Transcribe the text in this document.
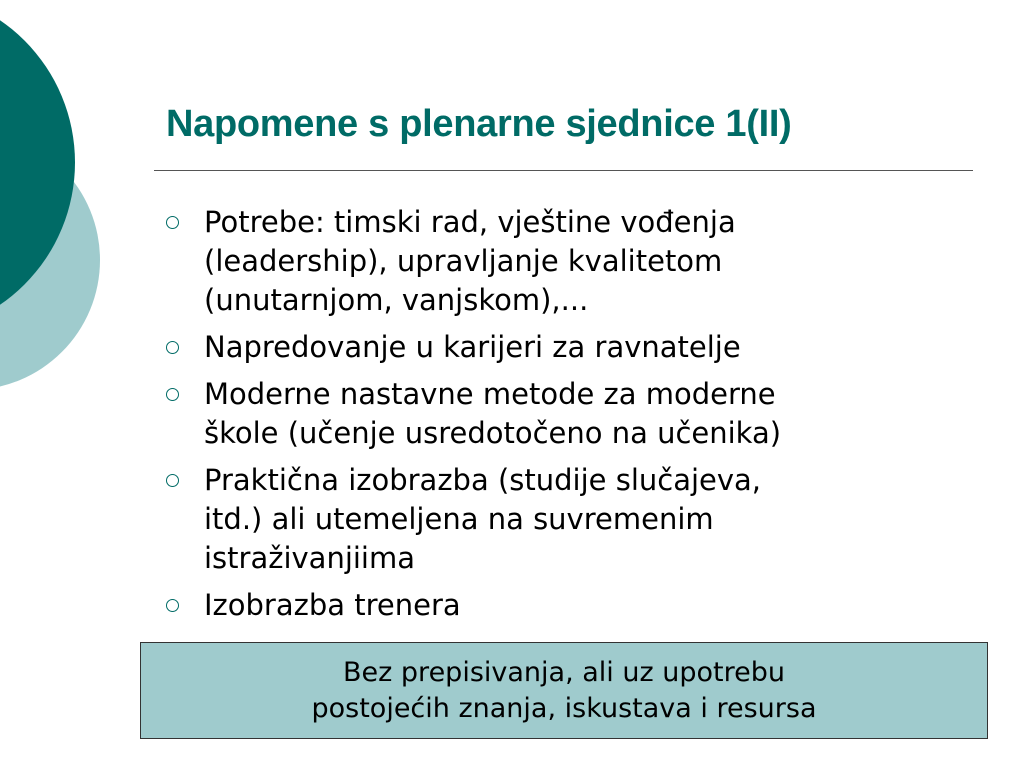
Napomene s plenarne sjednice 1(II)
Potrebe: timski rad, vještine vođenja
(leadership), upravljanje kvalitetom
(unutarnjom, vanjskom),...
Napredovanje u karijeri za ravnatelje
Moderne nastavne metode za moderne
škole (učenje usredotočeno na učenika)
Praktična izobrazba (studije slučajeva,
itd.) ali utemeljena na suvremenim
istraživanjiima
Izobrazba trenera
Bez prepisivanja, ali uz upotrebu
postojećih znanja, iskustava i resursa
